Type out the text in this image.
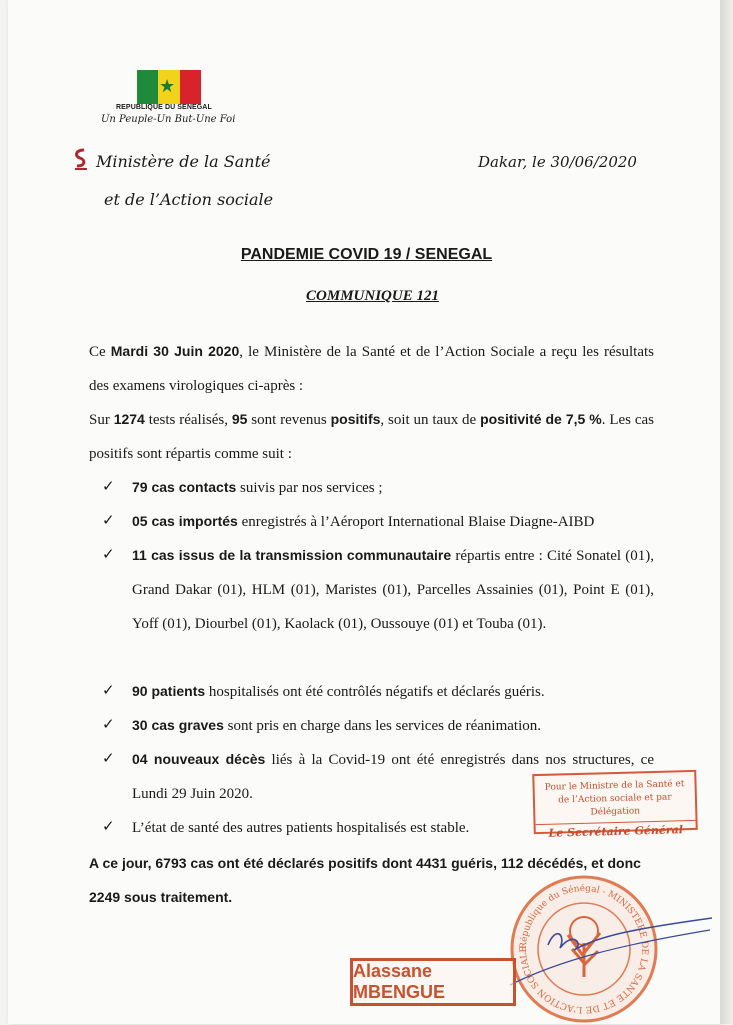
★
REPUBLIQUE DU SENEGAL
Un Peuple-Un But-Une Foi
Ministère de la Santé
et de l’Action sociale
Dakar, le 30/06/2020
PANDEMIE COVID 19 / SENEGAL
COMMUNIQUE 121
Ce Mardi 30 Juin 2020, le Ministère de la Santé et de l’Action Sociale a reçu les résultats des examens virologiques ci-après :
Sur 1274 tests réalisés, 95 sont revenus positifs, soit un taux de positivité de 7,5 %. Les cas positifs sont répartis comme suit :
✓	79 cas contacts suivis par nos services ;
✓	05 cas importés enregistrés à l’Aéroport International Blaise Diagne-AIBD
✓	11 cas issus de la transmission communautaire répartis entre : Cité Sonatel (01), Grand Dakar (01), HLM (01), Maristes (01), Parcelles Assainies (01), Point E (01), Yoff (01), Diourbel (01), Kaolack (01), Oussouye (01) et Touba (01).
✓	90 patients hospitalisés ont été contrôlés négatifs et déclarés guéris.
✓	30 cas graves sont pris en charge dans les services de réanimation.
✓	04 nouveaux décès liés à la Covid-19 ont été enregistrés dans nos structures, ce Lundi 29 Juin 2020.
✓	L’état de santé des autres patients hospitalisés est stable.
A ce jour, 6793 cas ont été déclarés positifs dont 4431 guéris, 112 décédés, et donc 2249 sous traitement.
Pour le Ministre de la Santé et
de l’Action sociale et par Délégation
Le Secrétaire Général
République du Sénégal - MINISTERE DE LA SANTE ET DE L'ACTION SOCIALE
Alassane MBENGUE
